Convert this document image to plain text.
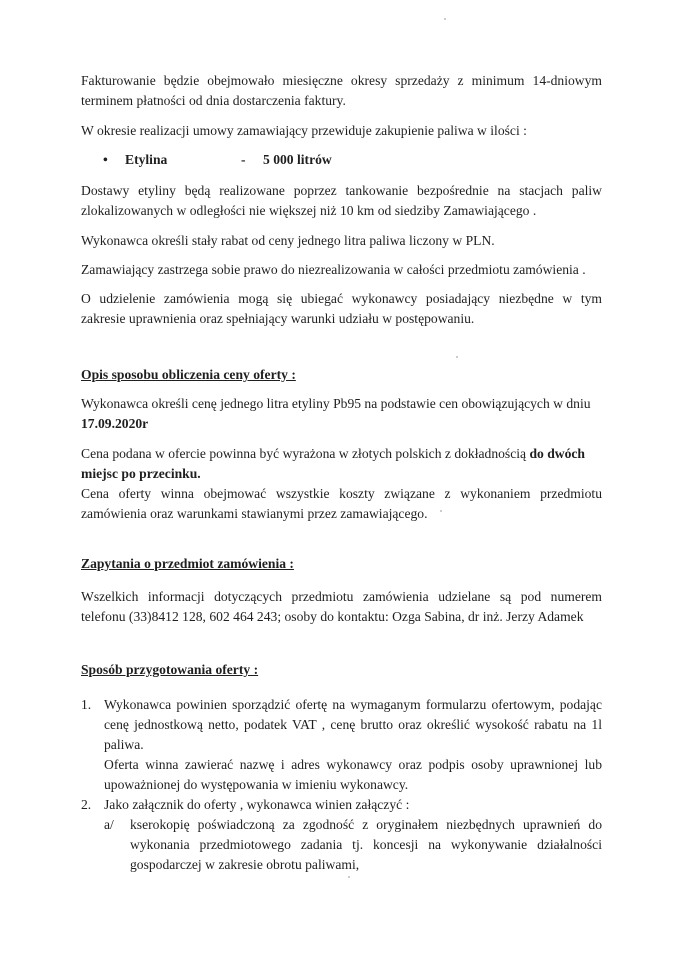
Fakturowanie będzie obejmowało miesięczne okresy sprzedaży z minimum 14-dniowym

terminem płatności od dnia dostarczenia faktury.

W okresie realizacji umowy zamawiający przewiduje zakupienie paliwa w ilości :

• Etylina	- 5 000 litrów

Dostawy etyliny będą realizowane poprzez tankowanie bezpośrednie na stacjach paliw

zlokalizowanych w odległości nie większej niż 10 km od siedziby Zamawiającego .

Wykonawca określi stały rabat od ceny jednego litra paliwa liczony w PLN.

Zamawiający zastrzega sobie prawo do niezrealizowania w całości przedmiotu zamówienia .

O udzielenie zamówienia mogą się ubiegać wykonawcy posiadający niezbędne w tym

zakresie uprawnienia oraz spełniający warunki udziału w postępowaniu.

Opis sposobu obliczenia ceny oferty :

Wykonawca określi cenę jednego litra etyliny Pb95 na podstawie cen obowiązujących w dniu

17.09.2020r

Cena podana w ofercie powinna być wyrażona w złotych polskich z dokładnością do dwóch

miejsc po przecinku.

Cena oferty winna obejmować wszystkie koszty związane z wykonaniem przedmiotu

zamówienia oraz warunkami stawianymi przez zamawiającego.

Zapytania o przedmiot zamówienia :

Wszelkich informacji dotyczących przedmiotu zamówienia udzielane są pod numerem

telefonu (33)8412 128, 602 464 243; osoby do kontaktu: Ozga Sabina, dr inż. Jerzy Adamek

Sposób przygotowania oferty :

1. Wykonawca powinien sporządzić ofertę na wymaganym formularzu ofertowym, podając
cenę jednostkową netto, podatek VAT , cenę brutto oraz określić wysokość rabatu na 1l
paliwa.
Oferta winna zawierać nazwę i adres wykonawcy oraz podpis osoby uprawnionej lub
upoważnionej do występowania w imieniu wykonawcy.
2. Jako załącznik do oferty , wykonawca winien załączyć :
a/ kserokopię poświadczoną za zgodność z oryginałem niezbędnych uprawnień do
wykonania przedmiotowego zadania tj. koncesji na wykonywanie działalności
gospodarczej w zakresie obrotu paliwami,
